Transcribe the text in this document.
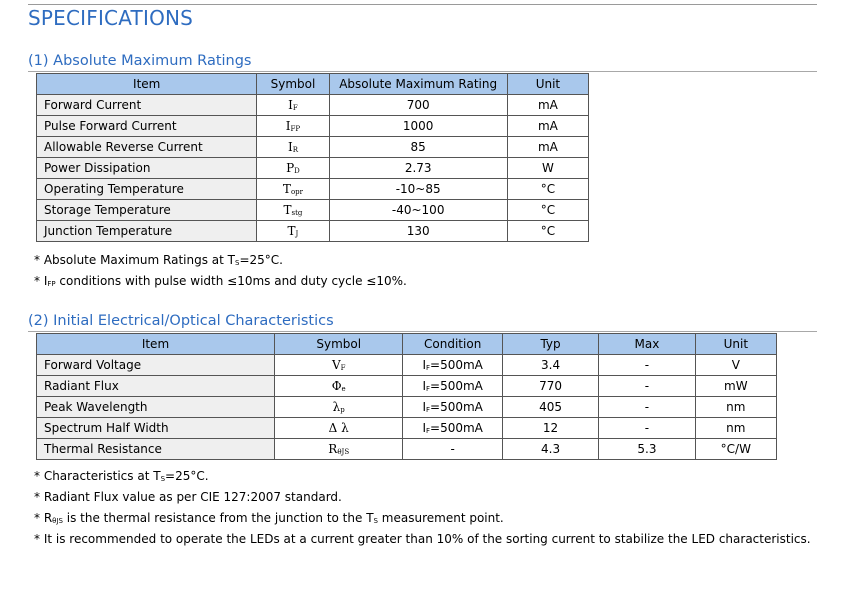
SPECIFICATIONS
(1) Absolute Maximum Ratings
Item	Symbol	Absolute Maximum Rating	Unit
Forward Current	$I_F$	700	mA
Pulse Forward Current	$I_{FP}$	1000	mA
Allowable Reverse Current	$I_R$	85	mA
Power Dissipation	$P_D$	2.73	W
Operating Temperature	$T_{opr}$	-10~85	°C
Storage Temperature	$T_{stg}$	-40~100	°C
Junction Temperature	$T_J$	130	°C

* Absolute Maximum Ratings at $T_S=25^\circ C$.

* $I_{FP}$ conditions with pulse width ≤10ms and duty cycle ≤10%.

(2) Initial Electrical/Optical Characteristics
Item	Symbol	Condition	Typ	Max	Unit
Forward Voltage	$V_F$	$I_F=500mA$	3.4	-	V
Radiant Flux	$\Phi_e$	$I_F=500mA$	770	-	mW
Peak Wavelength	$\lambda_p$	$I_F=500mA$	405	-	nm
Spectrum Half Width	Δ λ	$I_F=500mA$	12	-	nm
Thermal Resistance	$R_{\theta JS}$	-	4.3	5.3	°C/W

* Characteristics at $T_S=25^\circ C$.

* Radiant Flux value as per CIE 127:2007 standard.

* $R_{\theta JS}$ is the thermal resistance from the junction to the $T_S$ measurement point.

* It is recommended to operate the LEDs at a current greater than 10% of the sorting current to stabilize the LED characteristics.
